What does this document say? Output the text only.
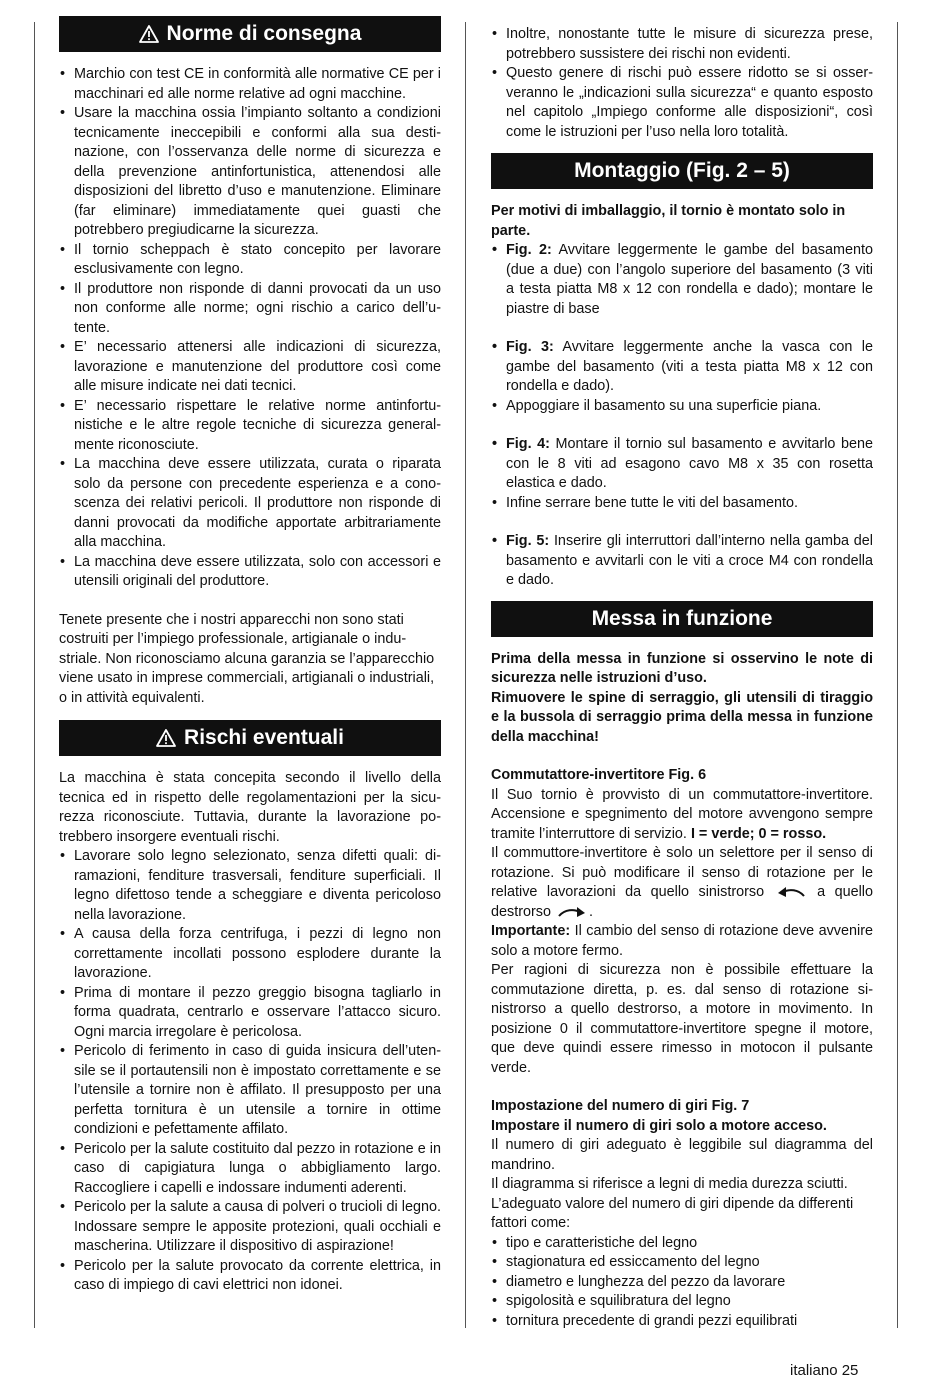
Norme di consegna
• Marchio con test CE in conformità alle normative CE per i macchinari ed alle norme relative ad ogni macchine.
• Usare la macchina ossia l’impianto soltanto a condizioni tecnicamente ineccepibili e conformi alla sua destinazione, con l’osservanza delle norme di sicurezza e della prevenzione antinfortunistica, attenendosi alle disposizioni del libretto d’uso e manutenzione. Eliminare (far eliminare) immediatamente quei guasti che potrebbero pregiudicarne la sicurezza.
• Il tornio scheppach è stato concepito per lavorare esclusivamente con legno.
• Il produttore non risponde di danni provocati da un uso non conforme alle norme; ogni rischio a carico dell’utente.
• E’ necessario attenersi alle indicazioni di sicurezza, lavorazione e manutenzione del produttore così come alle misure indicate nei dati tecnici.
• E’ necessario rispettare le relative norme antinfortunistiche e le altre regole tecniche di sicurezza generalmente riconosciute.
• La macchina deve essere utilizzata, curata o riparata solo da persone con precedente esperienza e a conoscenza dei relativi pericoli. Il produttore non risponde di danni provocati da modifiche apportate arbitrariamente alla macchina.
• La macchina deve essere utilizzata, solo con accessori e utensili originali del produttore.

Tenete presente che i nostri apparecchi non sono stati costruiti per l’impiego professionale, artigianale o industriale. Non riconosciamo alcuna garanzia se l’apparecchio viene usato in imprese commerciali, artigianali o industriali, o in attività equivalenti.

Rischi eventuali

La macchina è stata concepita secondo il livello della tecnica ed in rispetto delle regolamentazioni per la sicurezza riconosciute. Tuttavia, durante la lavorazione potrebbero insorgere eventuali rischi.

• Lavorare solo legno selezionato, senza difetti quali: diramazioni, fenditure trasversali, fenditure superficiali. Il legno difettoso tende a scheggiare e diventa pericoloso nella lavorazione.
• A causa della forza centrifuga, i pezzi di legno non correttamente incollati possono esplodere durante la lavorazione.
• Prima di montare il pezzo greggio bisogna tagliarlo in forma quadrata, centrarlo e osservare l’attacco sicuro. Ogni marcia irregolare è pericolosa.
• Pericolo di ferimento in caso di guida insicura dell’utensile se il portautensili non è impostato correttamente e se l’utensile a tornire non è affilato. Il presupposto per una perfetta tornitura è un utensile a tornire in ottime condizioni e pefettamente affilato.
• Pericolo per la salute costituito dal pezzo in rotazione e in caso di capigiatura lunga o abbigliamento largo. Raccogliere i capelli e indossare indumenti aderenti.
• Pericolo per la salute a causa di polveri o trucioli di legno. Indossare sempre le apposite protezioni, quali occhiali e mascherina. Utilizzare il dispositivo di aspirazione!
• Pericolo per la salute provocato da corrente elettrica, in caso di impiego di cavi elettrici non idonei.
• Inoltre, nonostante tutte le misure di sicurezza prese, potrebbero sussistere dei rischi non evidenti.
• Questo genere di rischi può essere ridotto se si osserveranno le „indicazioni sulla sicurezza“ e quanto esposto nel capitolo „Impiego conforme alle disposizioni“, così come le istruzioni per l’uso nella loro totalità.
Montaggio (Fig. 2 – 5)

Per motivi di imballaggio, il tornio è montato solo in parte.

• Fig. 2: Avvitare leggermente le gambe del basamento (due a due) con l’angolo superiore del basamento (3 viti a testa piatta M8 x 12 con rondella e dado); montare le piastre di base
• Fig. 3: Avvitare leggermente anche la vasca con le gambe del basamento (viti a testa piatta M8 x 12 con rondella e dado).
• Appoggiare il basamento su una superficie piana.
• Fig. 4: Montare il tornio sul basamento e avvitarlo bene con le 8 viti ad esagono cavo M8 x 35 con rosetta elastica e dado.
• Infine serrare bene tutte le viti del basamento.
• Fig. 5: Inserire gli interruttori dall’interno nella gamba del basamento e avvitarli con le viti a croce M4 con rondella e dado.
Messa in funzione

Prima della messa in funzione si osservino le note di sicurezza nelle istruzioni d’uso.

Rimuovere le spine di serraggio, gli utensili di tiraggio e la bussola di serraggio prima della messa in funzione della macchina!

Commutattore-invertitore Fig. 6

Il Suo tornio è provvisto di un commutattore-invertitore. Accensione e spegnimento del motore avvengono sempre tramite l’interruttore di servizio. I = verde; 0 = rosso.

Il commuttore-invertitore è solo un selettore per il senso di rotazione. Si può modificare il senso di rotazione per le relative lavorazioni da quello sinistrorso  a quello destrorso .

Importante: Il cambio del senso di rotazione deve avvenire solo a motore fermo.

Per ragioni di sicurezza non è possibile effettuare la commutazione diretta, p. es. dal senso di rotazione sinistrorso a quello destrorso, a motore in movimento. In posizione 0 il commutattore-invertitore spegne il motore, que deve quindi essere rimesso in motocon il pulsante verde.

Impostazione del numero di giri Fig. 7

Impostare il numero di giri solo a motore acceso.

Il numero di giri adeguato è leggibile sul diagramma del mandrino.

Il diagramma si riferisce a legni di media durezza sciutti.

L’adeguato valore del numero di giri dipende da differenti fattori come:

• tipo e caratteristiche del legno
• stagionatura ed essiccamento del legno
• diametro e lunghezza del pezzo da lavorare
• spigolosità e squilibratura del legno
• tornitura precedente di grandi pezzi equilibrati
italiano 25
